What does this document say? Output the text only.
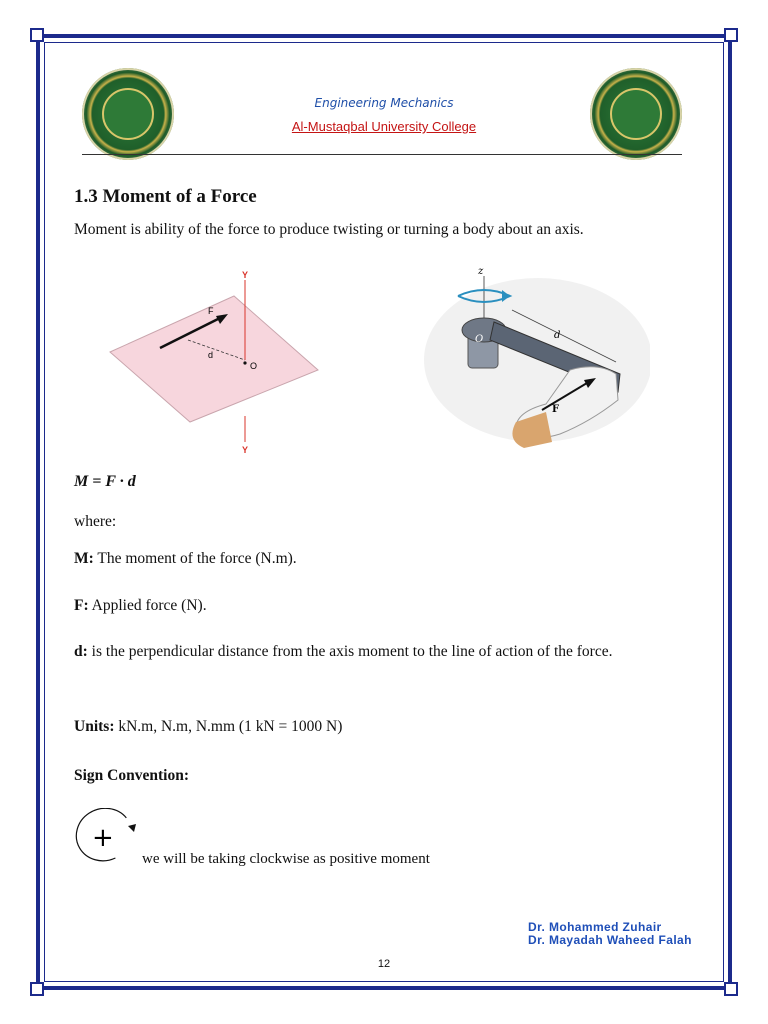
Engineering Mechanics
Al-Mustaqbal University College
1.3 Moment of a Force
Moment is ability of the force to produce twisting or turning a body about an axis.
Y
Y
F
d
O
z
d
O
F
M = F · d
where:
M: The moment of the force (N.m).
F: Applied force (N).
d: is the perpendicular distance from the axis moment to the line of action of the force.
Units: kN.m, N.m, N.mm (1 kN = 1000 N)
Sign Convention:
+
we will be taking clockwise as positive moment
Dr. Mohammed Zuhair
Dr. Mayadah Waheed Falah
12
